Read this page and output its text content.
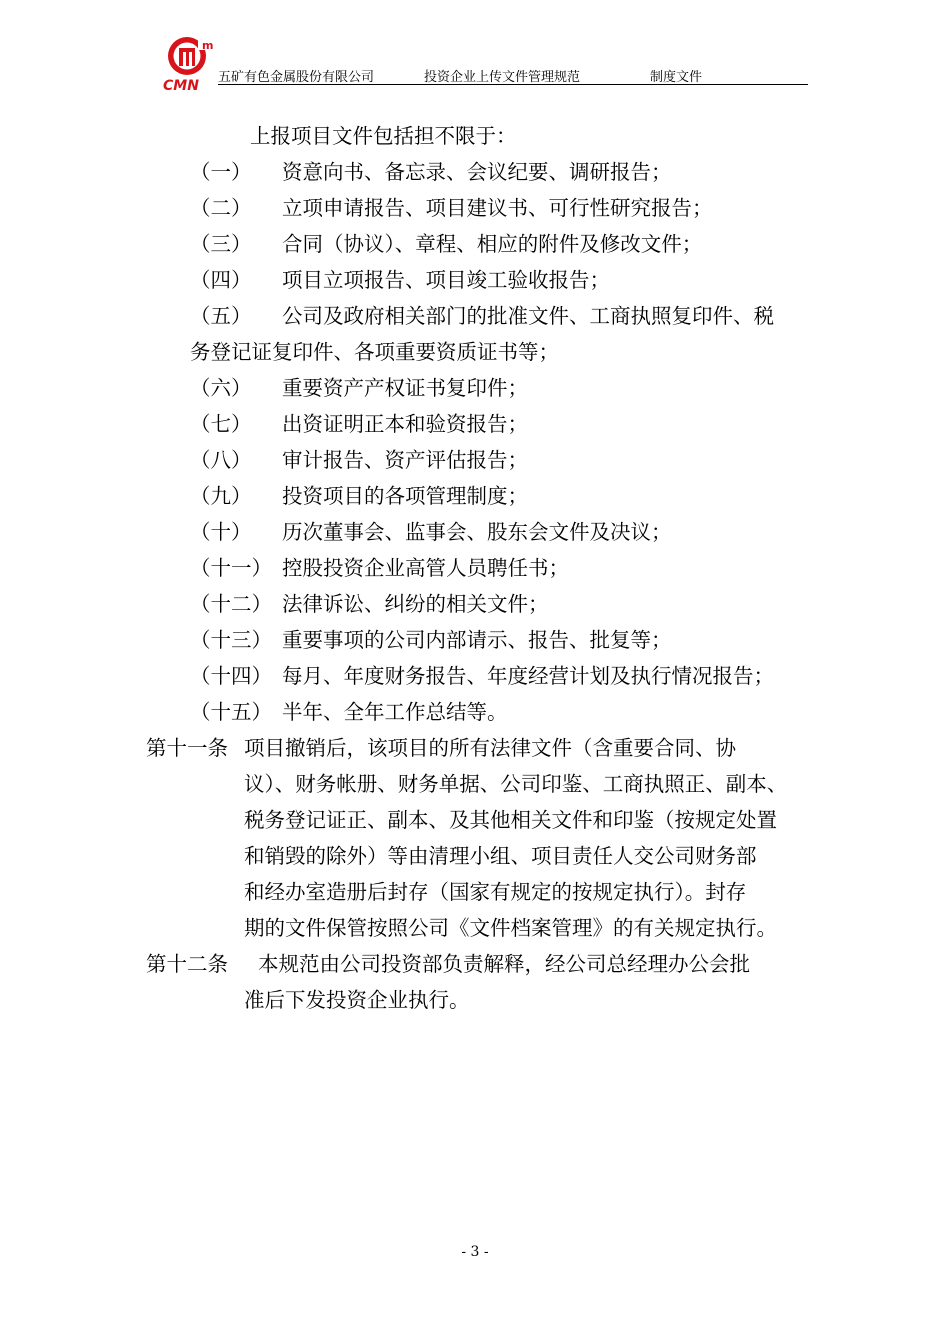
m
CMN
五矿有色金属股份有限公司	投资企业上传文件管理规范	制度文件
上报项目文件包括担不限于：
（一） 资意向书、备忘录、会议纪要、调研报告；
（二） 立项申请报告、项目建议书、可行性研究报告；
（三） 合同（协议）、章程、相应的附件及修改文件；
（四） 项目立项报告、项目竣工验收报告；
（五） 公司及政府相关部门的批准文件、工商执照复印件、税
务登记证复印件、各项重要资质证书等；
（六） 重要资产产权证书复印件；
（七） 出资证明正本和验资报告；
（八） 审计报告、资产评估报告；
（九） 投资项目的各项管理制度；
（十） 历次董事会、监事会、股东会文件及决议；
（十一） 控股投资企业高管人员聘任书；
（十二） 法律诉讼、纠纷的相关文件；
（十三） 重要事项的公司内部请示、报告、批复等；
（十四） 每月、年度财务报告、年度经营计划及执行情况报告；
（十五） 半年、全年工作总结等。
第十一条 项目撤销后，该项目的所有法律文件（含重要合同、协
议）、财务帐册、财务单据、公司印鉴、工商执照正、副本、
税务登记证正、副本、及其他相关文件和印鉴（按规定处置
和销毁的除外）等由清理小组、项目责任人交公司财务部
和经办室造册后封存（国家有规定的按规定执行）。封存
期的文件保管按照公司《文件档案管理》的有关规定执行。
第十二条 本规范由公司投资部负责解释，经公司总经理办公会批
准后下发投资企业执行。
- 3 -
